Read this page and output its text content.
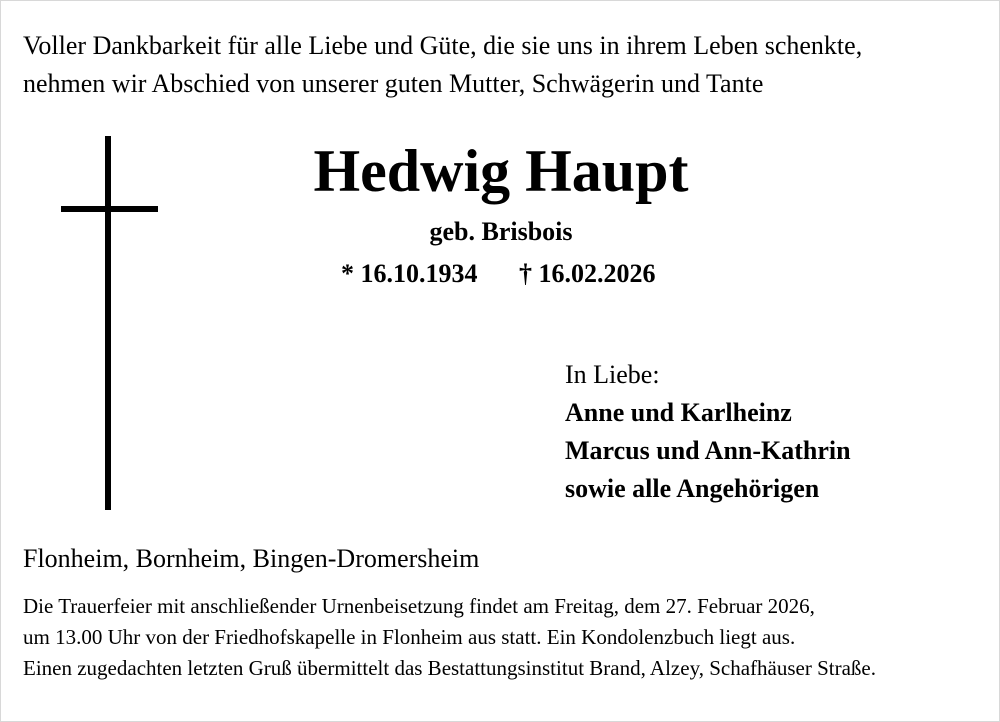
Voller Dankbarkeit für alle Liebe und Güte, die sie uns in ihrem Leben schenkte,
nehmen wir Abschied von unserer guten Mutter, Schwägerin und Tante
Hedwig Haupt
geb. Brisbois
* 16.10.1934 † 16.02.2026
In Liebe:
Anne und Karlheinz
Marcus und Ann-Kathrin
sowie alle Angehörigen
Flonheim, Bornheim, Bingen-Dromersheim
Die Trauerfeier mit anschließender Urnenbeisetzung findet am Freitag, dem 27. Februar 2026,
um 13.00 Uhr von der Friedhofskapelle in Flonheim aus statt. Ein Kondolenzbuch liegt aus.
Einen zugedachten letzten Gruß übermittelt das Bestattungsinstitut Brand, Alzey, Schafhäuser Straße.
